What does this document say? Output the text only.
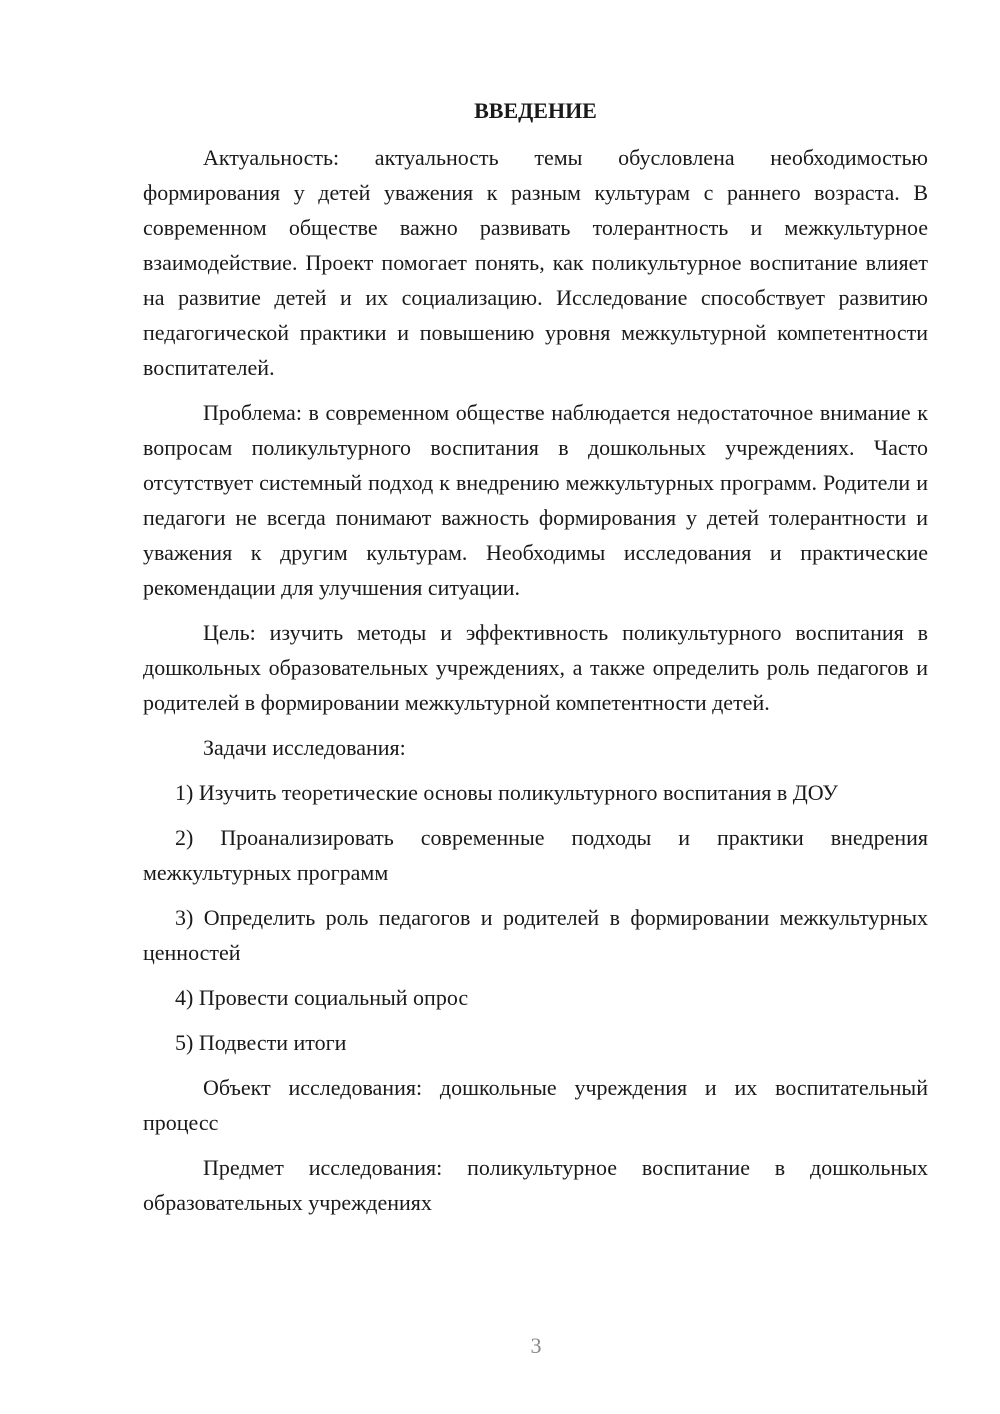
ВВЕДЕНИЕ

Актуальность: актуальность темы обусловлена необходимостью формирования у детей уважения к разным культурам с раннего возраста. В современном обществе важно развивать толерантность и межкультурное взаимодействие. Проект помогает понять, как поликультурное воспитание влияет на развитие детей и их социализацию. Исследование способствует развитию педагогической практики и повышению уровня межкультурной компетентности воспитателей.

Проблема: в современном обществе наблюдается недостаточное внимание к вопросам поликультурного воспитания в дошкольных учреждениях. Часто отсутствует системный подход к внедрению межкультурных программ. Родители и педагоги не всегда понимают важность формирования у детей толерантности и уважения к другим культурам. Необходимы исследования и практические рекомендации для улучшения ситуации.

Цель: изучить методы и эффективность поликультурного воспитания в дошкольных образовательных учреждениях, а также определить роль педагогов и родителей в формировании межкультурной компетентности детей.

Задачи исследования:

1) Изучить теоретические основы поликультурного воспитания в ДОУ

2) Проанализировать современные подходы и практики внедрения межкультурных программ

3) Определить роль педагогов и родителей в формировании межкультурных ценностей

4) Провести социальный опрос

5) Подвести итоги

Объект исследования: дошкольные учреждения и их воспитательный процесс

Предмет исследования: поликультурное воспитание в дошкольных образовательных учреждениях

3
